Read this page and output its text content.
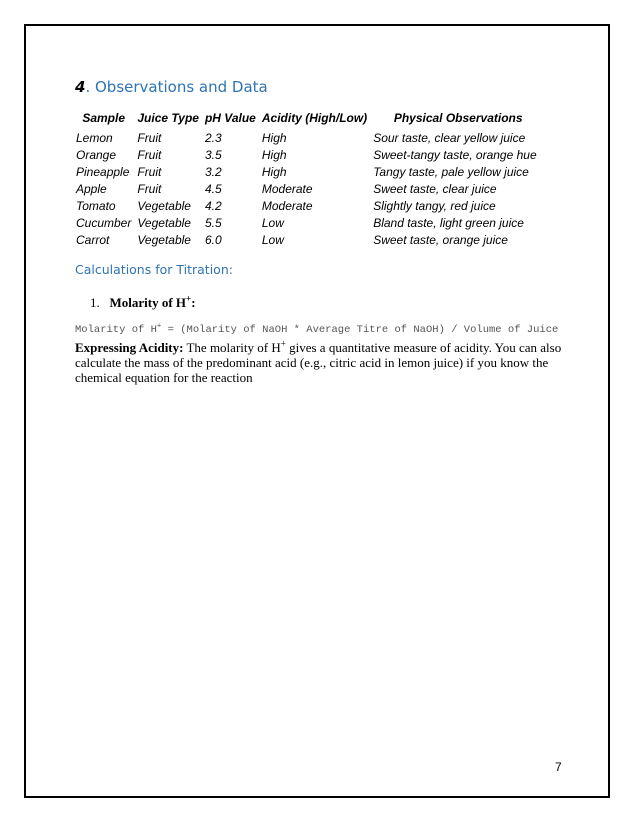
4. Observations and Data
Sample	Juice Type	pH Value	Acidity (High/Low)	Physical Observations
Lemon	Fruit	2.3	High	Sour taste, clear yellow juice
Orange	Fruit	3.5	High	Sweet-tangy taste, orange hue
Pineapple	Fruit	3.2	High	Tangy taste, pale yellow juice
Apple	Fruit	4.5	Moderate	Sweet taste, clear juice
Tomato	Vegetable	4.2	Moderate	Slightly tangy, red juice
Cucumber	Vegetable	5.5	Low	Bland taste, light green juice
Carrot	Vegetable	6.0	Low	Sweet taste, orange juice
Calculations for Titration:
1. Molarity of H+:
Molarity of H+ = (Molarity of NaOH * Average Titre of NaOH) / Volume of Juice
Expressing Acidity: The molarity of H+ gives a quantitative measure of acidity. You can also calculate the mass of the predominant acid (e.g., citric acid in lemon juice) if you know the chemical equation for the reaction
7
